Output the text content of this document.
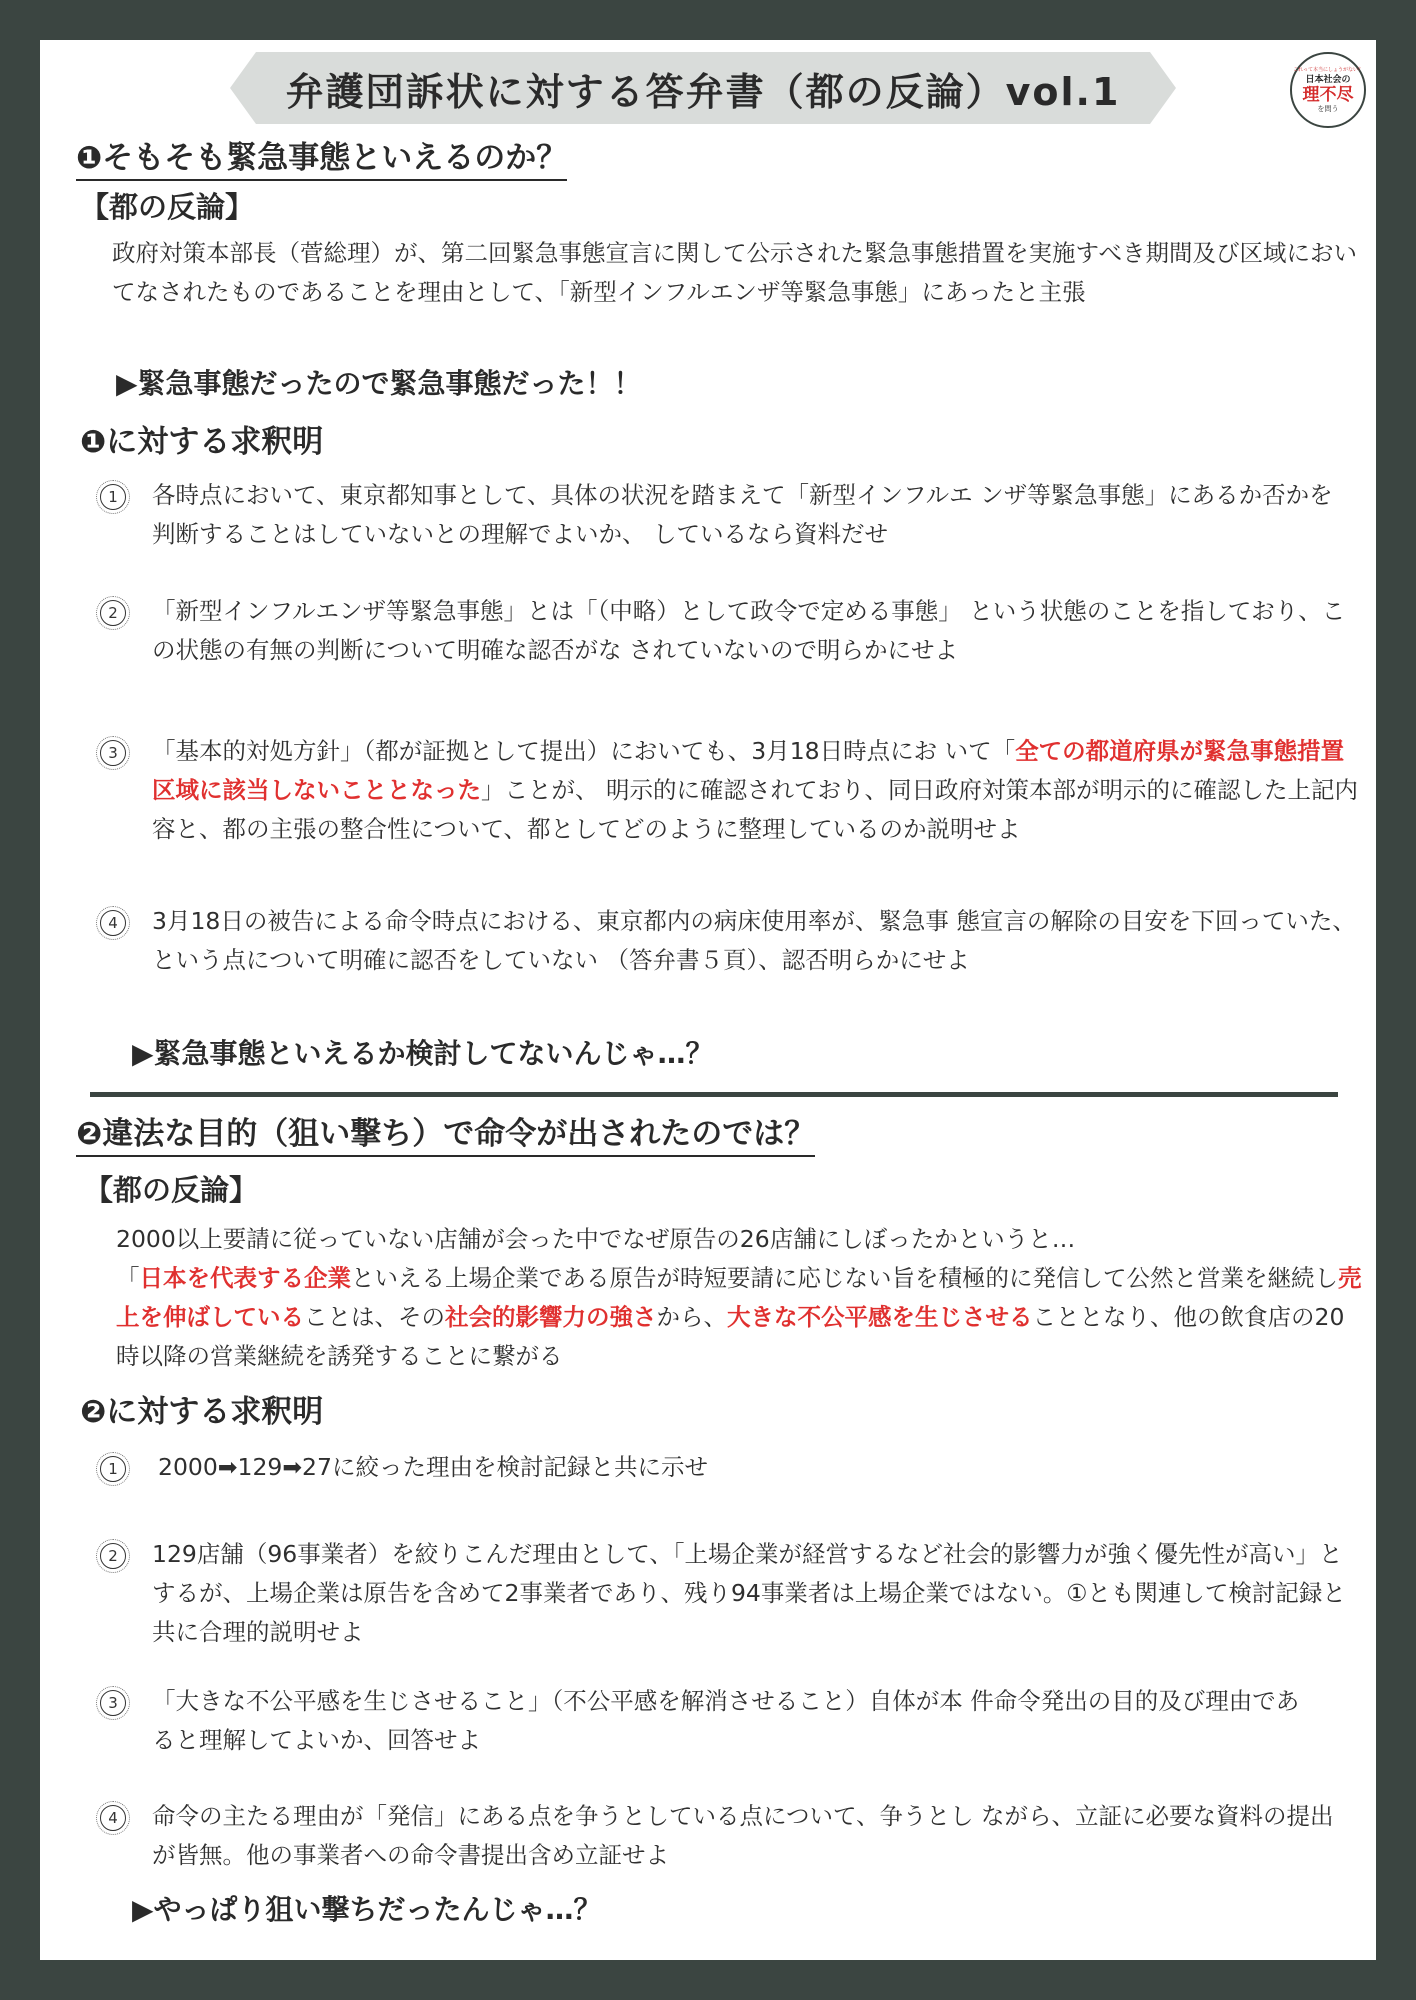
弁護団訴状に対する答弁書（都の反論）vol.1	これって本当にしょうがない？
日本社会の
理不尽
を問う
❶そもそも緊急事態といえるのか？
【都の反論】
政府対策本部長（菅総理）が、第二回緊急事態宣言に関して公示された緊急事態措置を実施すべき期間及び区域においてなされたものであることを理由として、「新型インフルエンザ等緊急事態」にあったと主張
▶緊急事態だったので緊急事態だった！！
❶に対する求釈明
1	各時点において、東京都知事として、具体の状況を踏まえて「新型インフルエ ンザ等緊急事態」にあるか否かを判断することはしていないとの理解でよいか、 しているなら資料だせ
2	「新型インフルエンザ等緊急事態」とは「（中略）として政令で定める事態」 という状態のことを指しており、この状態の有無の判断について明確な認否がな されていないので明らかにせよ
3	「基本的対処方針」（都が証拠として提出）においても、3月18日時点にお いて「全ての都道府県が緊急事態措置区域に該当しないこととなった」ことが、 明示的に確認されており、同日政府対策本部が明示的に確認した上記内容と、都の主張の整合性について、都としてどのように整理しているのか説明せよ
4	3月18日の被告による命令時点における、東京都内の病床使用率が、緊急事 態宣言の解除の目安を下回っていた、という点について明確に認否をしていない （答弁書５頁）、認否明らかにせよ
▶緊急事態といえるか検討してないんじゃ…？
❷違法な目的（狙い撃ち）で命令が出されたのでは？
【都の反論】
2000以上要請に従っていない店舗が会った中でなぜ原告の26店舗にしぼったかというと…
「日本を代表する企業といえる上場企業である原告が時短要請に応じない旨を積極的に発信して公然と営業を継続し売上を伸ばしていることは、その社会的影響力の強さから、大きな不公平感を生じさせることとなり、他の飲食店の20時以降の営業継続を誘発することに繋がる
❷に対する求釈明
1	2000➡129➡27に絞った理由を検討記録と共に示せ
2	129店舗（96事業者）を絞りこんだ理由として、「上場企業が経営するなど社会的影響力が強く優先性が高い」とするが、上場企業は原告を含めて2事業者であり、残り94事業者は上場企業ではない。①とも関連して検討記録と共に合理的説明せよ
3	「大きな不公平感を生じさせること」（不公平感を解消させること）自体が本 件命令発出の目的及び理由であると理解してよいか、回答せよ
4	命令の主たる理由が「発信」にある点を争うとしている点について、争うとし ながら、立証に必要な資料の提出が皆無。他の事業者への命令書提出含め立証せよ
▶やっぱり狙い撃ちだったんじゃ…？
